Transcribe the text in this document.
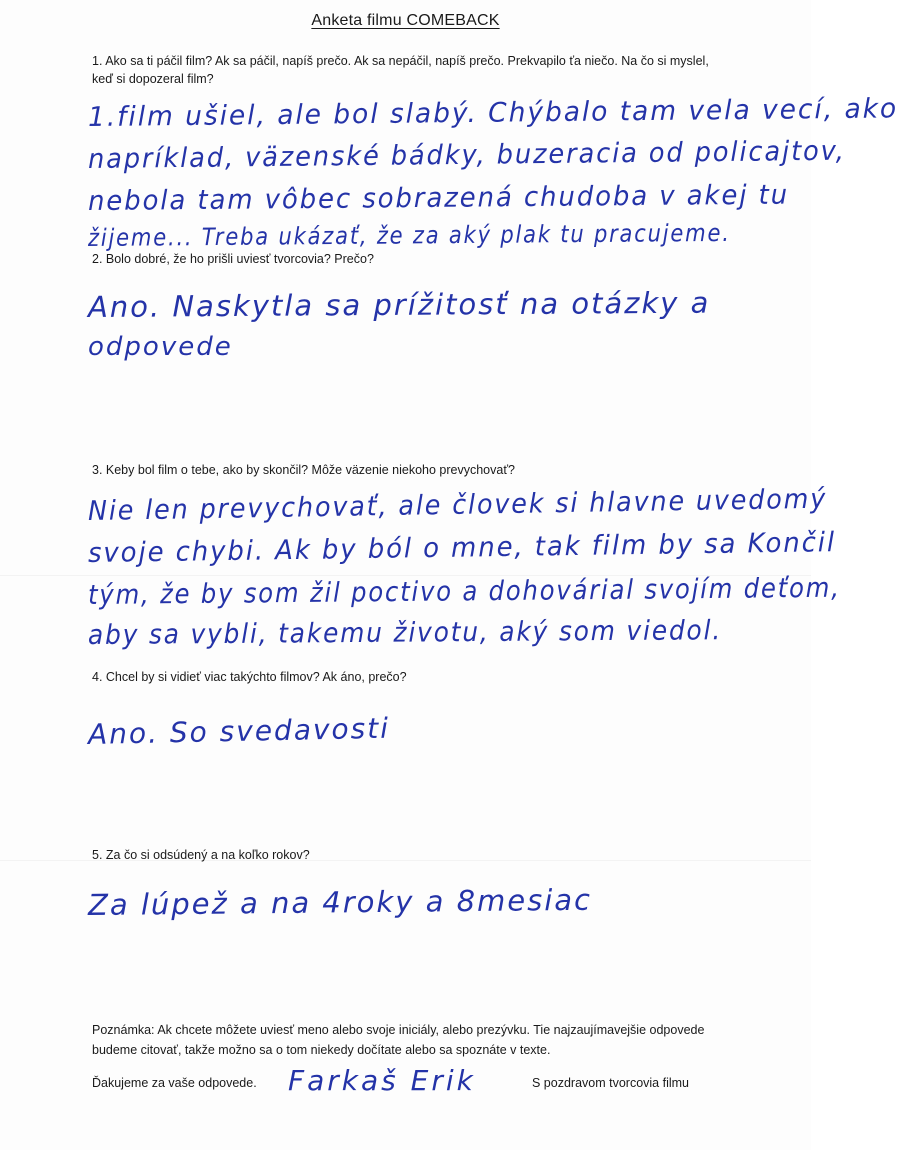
Anketa filmu COMEBACK
1. Ako sa ti páčil film? Ak sa páčil, napíš prečo. Ak sa nepáčil, napíš prečo. Prekvapilo ťa niečo. Na čo si myslel, keď si dopozeral film?
1.film ušiel, ale bol slabý. Chýbalo tam vela vecí, ako
napríklad, väzenské bádky, buzeracia od policajtov,
nebola tam vôbec sobrazená chudoba v akej tu
žijeme... Treba ukázať, že za aký plak tu pracujeme.
2. Bolo dobré, že ho prišli uviesť tvorcovia? Prečo?
Ano. Naskytla sa prížitosť na otázky a
odpovede
3. Keby bol film o tebe, ako by skončil? Môže väzenie niekoho prevychovať?
Nie len prevychovať, ale človek si hlavne uvedomý
svoje chybi. Ak by ból o mne, tak film by sa Končil
tým, že by som žil poctivo a dohovárial svojím deťom,
aby sa vybli, takemu životu, aký som viedol.
4. Chcel by si vidieť viac takýchto filmov? Ak áno, prečo?
Ano. So svedavosti
5. Za čo si odsúdený a na koľko rokov?
Za lúpež a na 4roky a 8mesiac
Poznámka: Ak chcete môžete uviesť meno alebo svoje iniciály, alebo prezývku. Tie najzaujímavejšie odpovede budeme citovať, takže možno sa o tom niekedy dočítate alebo sa spoznáte v texte.
Ďakujeme za vaše odpovede. Farkaš Erik	S pozdravom tvorcovia filmu
